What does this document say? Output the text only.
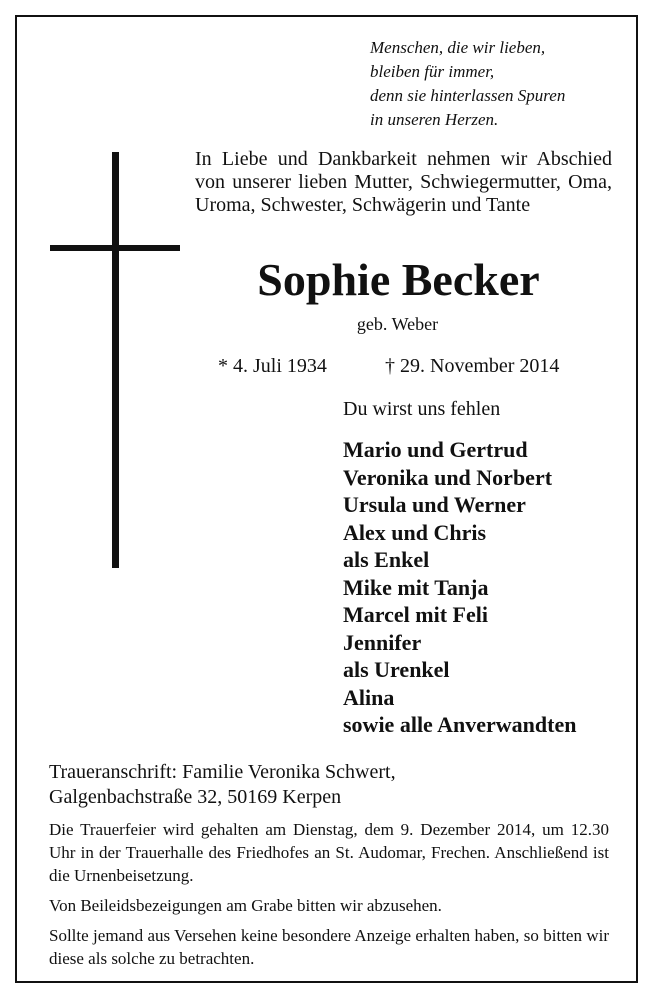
Menschen, die wir lieben,
bleiben für immer,
denn sie hinterlassen Spuren
in unseren Herzen.
In Liebe und Dankbarkeit nehmen wir Abschied von unserer lieben Mutter, Schwiegermutter, Oma, Uroma, Schwester, Schwägerin und Tante
Sophie Becker
geb. Weber
* 4. Juli 1934	† 29. November 2014
Du wirst uns fehlen
Mario und Gertrud
Veronika und Norbert
Ursula und Werner
Alex und Chris
als Enkel
Mike mit Tanja
Marcel mit Feli
Jennifer
als Urenkel
Alina
sowie alle Anverwandten
Traueranschrift: Familie Veronika Schwert,
Galgenbachstraße 32, 50169 Kerpen
Die Trauerfeier wird gehalten am Dienstag, dem 9. Dezember 2014, um 12.30 Uhr in der Trauerhalle des Friedhofes an St. Audomar, Frechen. Anschließend ist die Urnenbeisetzung.
Von Beileidsbezeigungen am Grabe bitten wir abzusehen.
Sollte jemand aus Versehen keine besondere Anzeige erhalten haben, so bitten wir diese als solche zu betrachten.
